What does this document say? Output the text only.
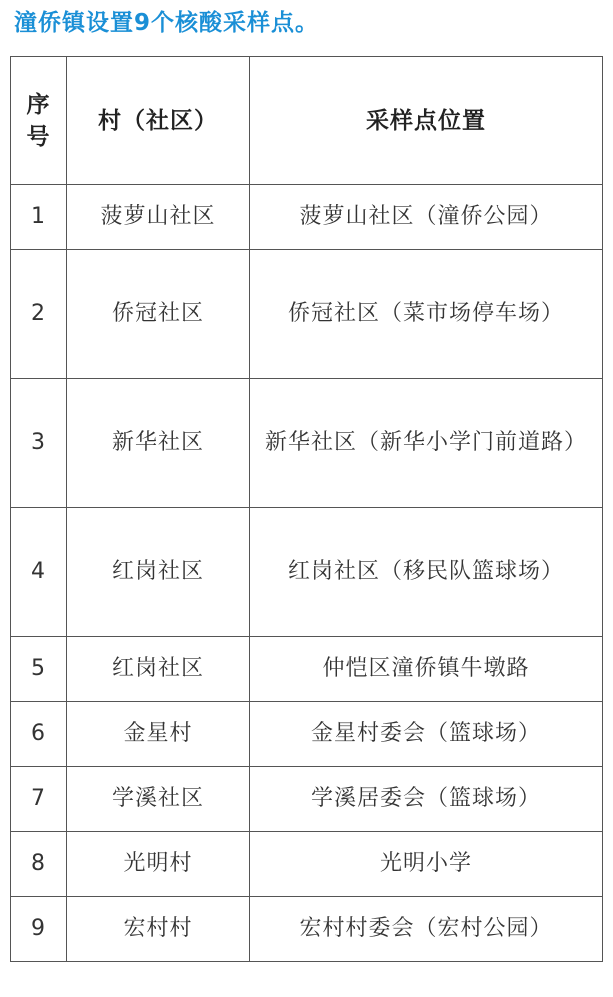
潼侨镇设置9个核酸采样点。
序
号	村（社区）	采样点位置
1	菠萝山社区	菠萝山社区（潼侨公园）
2	侨冠社区	侨冠社区（菜市场停车场）
3	新华社区	新华社区（新华小学门前道路）
4	红岗社区	红岗社区（移民队篮球场）
5	红岗社区	仲恺区潼侨镇牛墩路
6	金星村	金星村委会（篮球场）
7	学溪社区	学溪居委会（篮球场）
8	光明村	光明小学
9	宏村村	宏村村委会（宏村公园）
